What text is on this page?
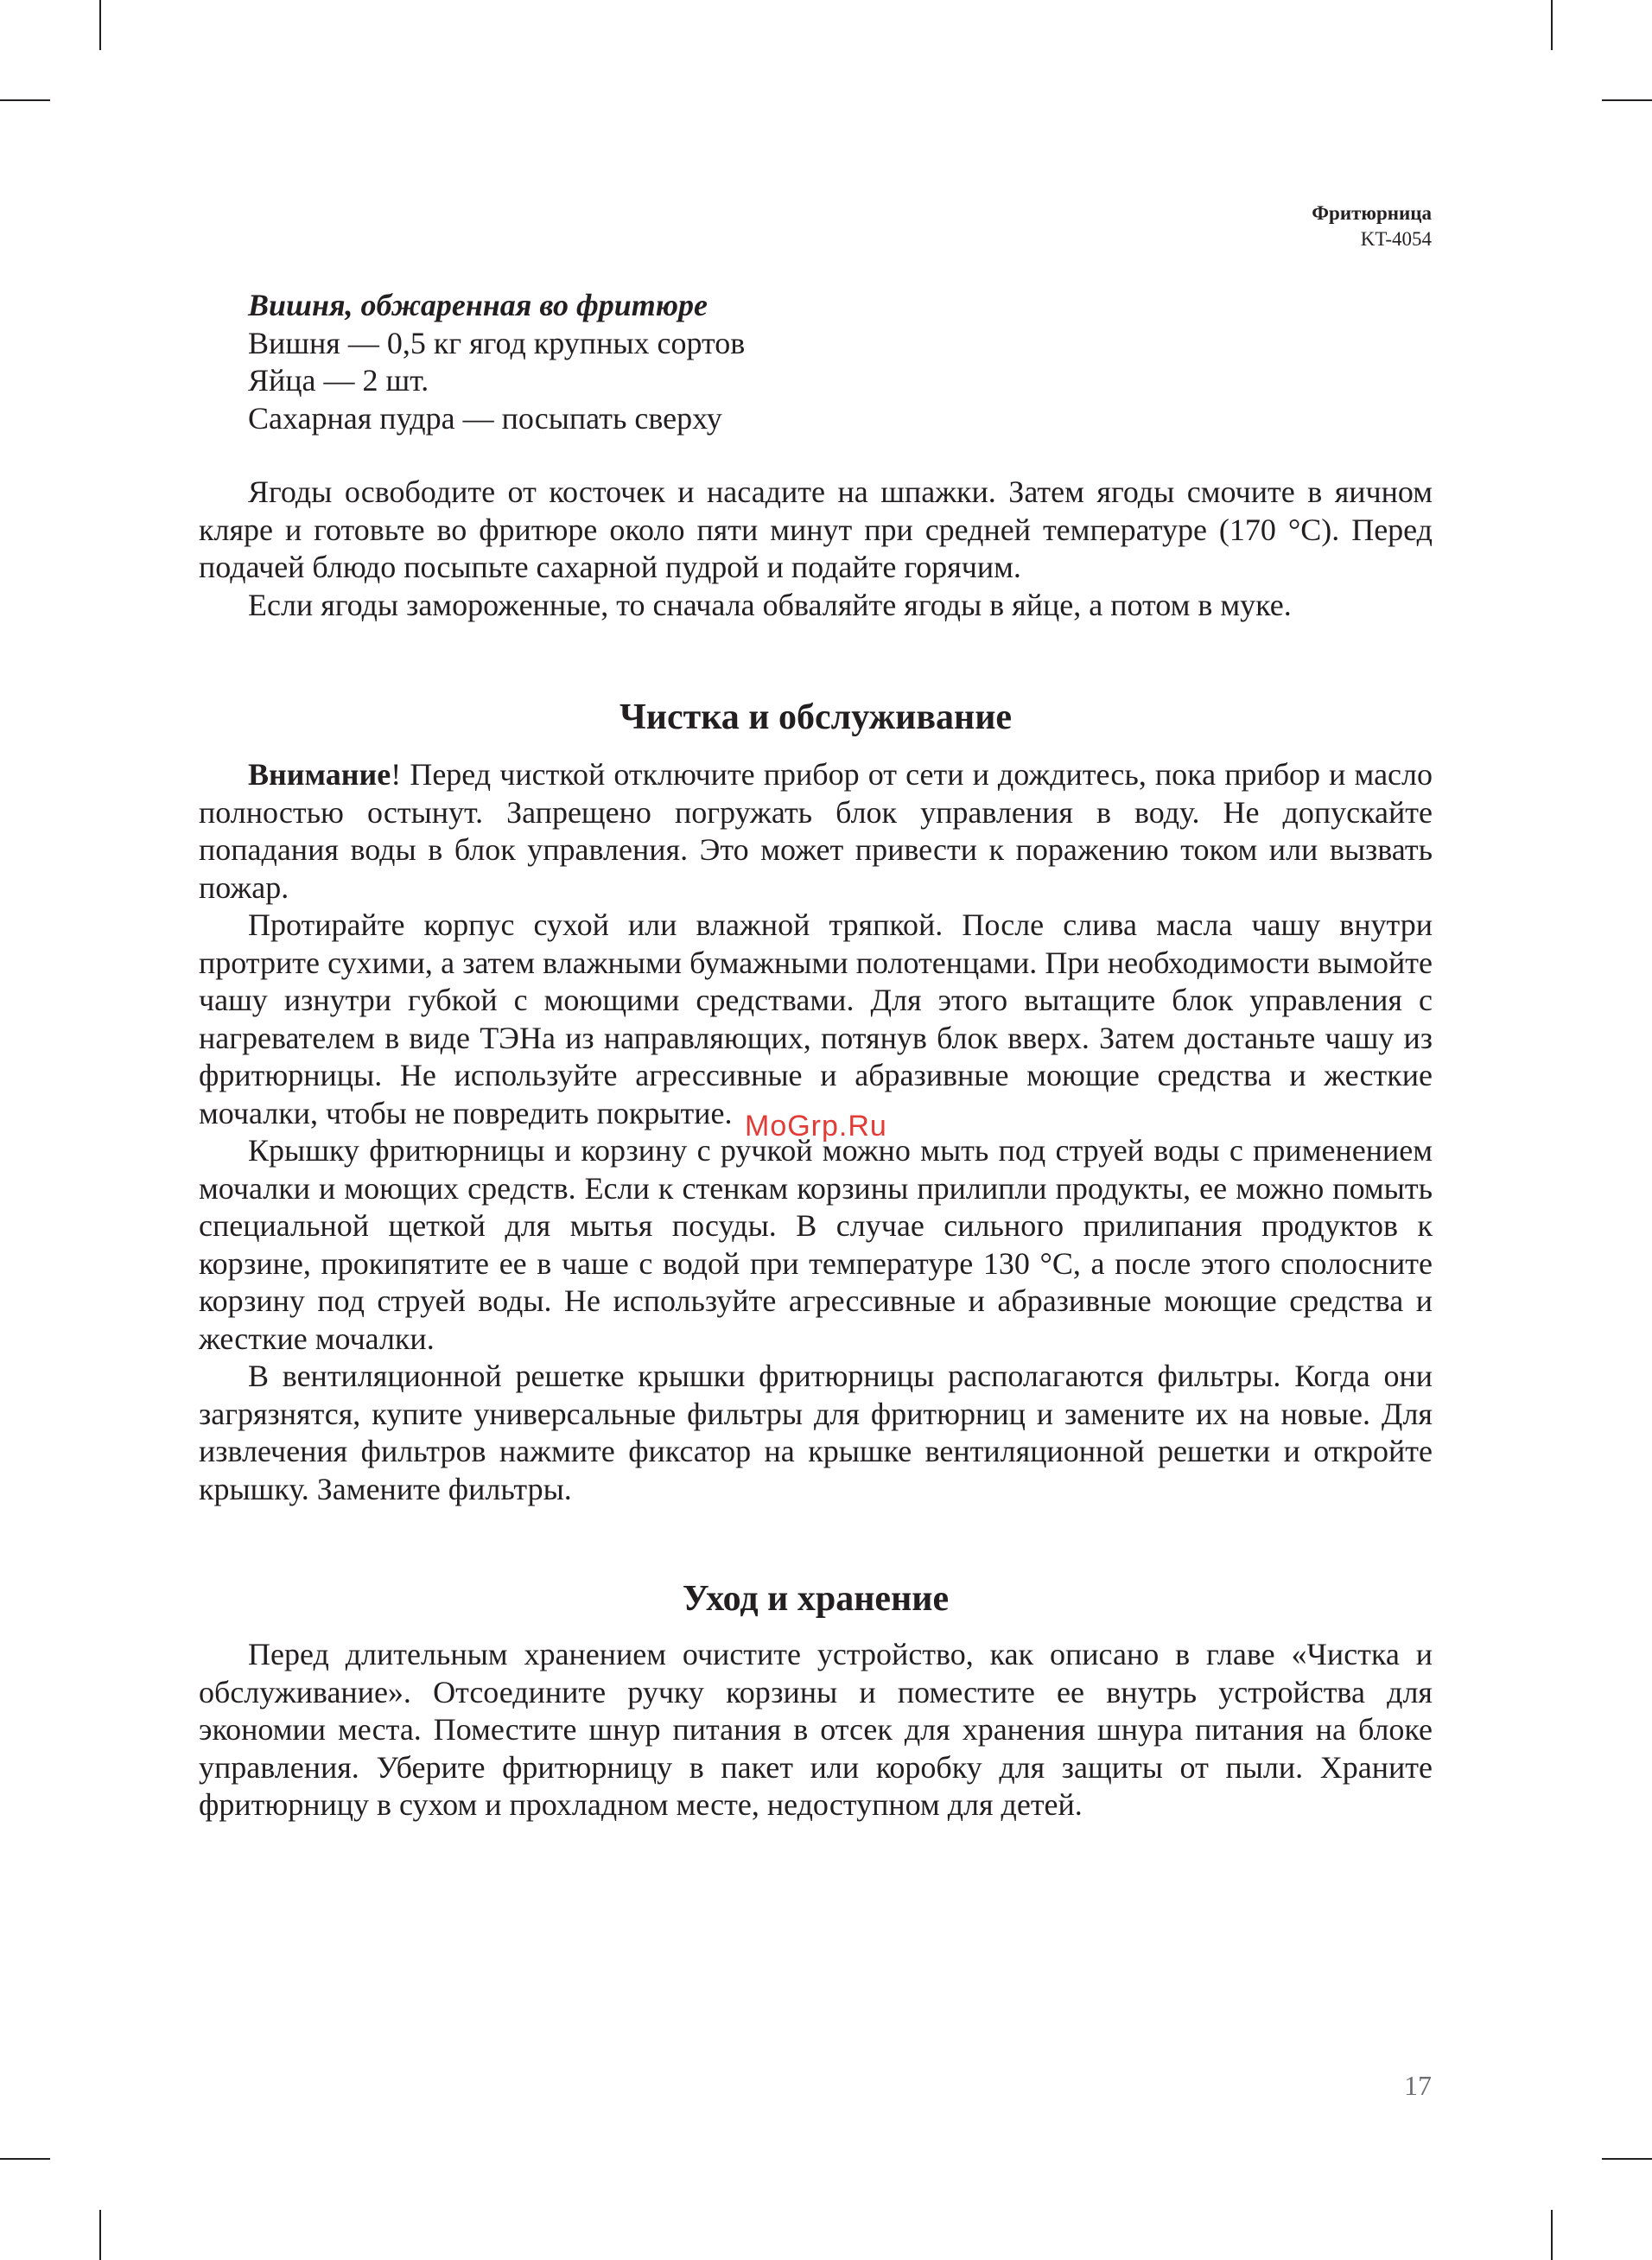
Фритюрница
KT-4054

Вишня, обжаренная во фритюре

Вишня — 0,5 кг ягод крупных сортов

Яйца — 2 шт.

Сахарная пудра — посыпать сверху

Ягоды освободите от косточек и насадите на шпажки. Затем ягоды смочите в яичном кляре и готовьте во фритюре около пяти минут при средней температуре (170 °C). Перед подачей блюдо посыпьте сахарной пудрой и подайте горячим.

Если ягоды замороженные, то сначала обваляйте ягоды в яйце, а потом в муке.

Чистка и обслуживание

Внимание! Перед чисткой отключите прибор от сети и дождитесь, пока прибор и масло полностью остынут. Запрещено погружать блок управления в воду. Не допускайте попадания воды в блок управления. Это может привести к поражению током или вызвать пожар.

Протирайте корпус сухой или влажной тряпкой. После слива масла чашу внутри протрите сухими, а затем влажными бумажными полотенцами. При необходимости вымойте чашу изнутри губкой с моющими средствами. Для этого вытащите блок управления с нагревателем в виде ТЭНа из направляющих, потянув блок вверх. Затем достаньте чашу из фритюрницы. Не используйте агрессивные и абразивные моющие средства и жесткие мочалки, чтобы не повредить покрытие.

Крышку фритюрницы и корзину с ручкой можно мыть под струей воды с применением мочалки и моющих средств. Если к стенкам корзины прилипли продукты, ее можно помыть специальной щеткой для мытья посуды. В случае сильного прилипания продуктов к корзине, прокипятите ее в чаше с водой при температуре 130 °C, а после этого сполосните корзину под струей воды. Не используйте агрессивные и абразивные моющие средства и жесткие мочалки.

В вентиляционной решетке крышки фритюрницы располагаются фильтры. Когда они загрязнятся, купите универсальные фильтры для фритюрниц и замените их на новые. Для извлечения фильтров нажмите фиксатор на крышке вентиляционной решетки и откройте крышку. Замените фильтры.

Уход и хранение

Перед длительным хранением очистите устройство, как описано в главе «Чистка и обслуживание». Отсоедините ручку корзины и поместите ее внутрь устройства для экономии места. Поместите шнур питания в отсек для хранения шнура питания на блоке управления. Уберите фритюрницу в пакет или коробку для защиты от пыли. Храните фритюрницу в сухом и прохладном месте, недоступном для детей.

MoGrp.Ru
17
